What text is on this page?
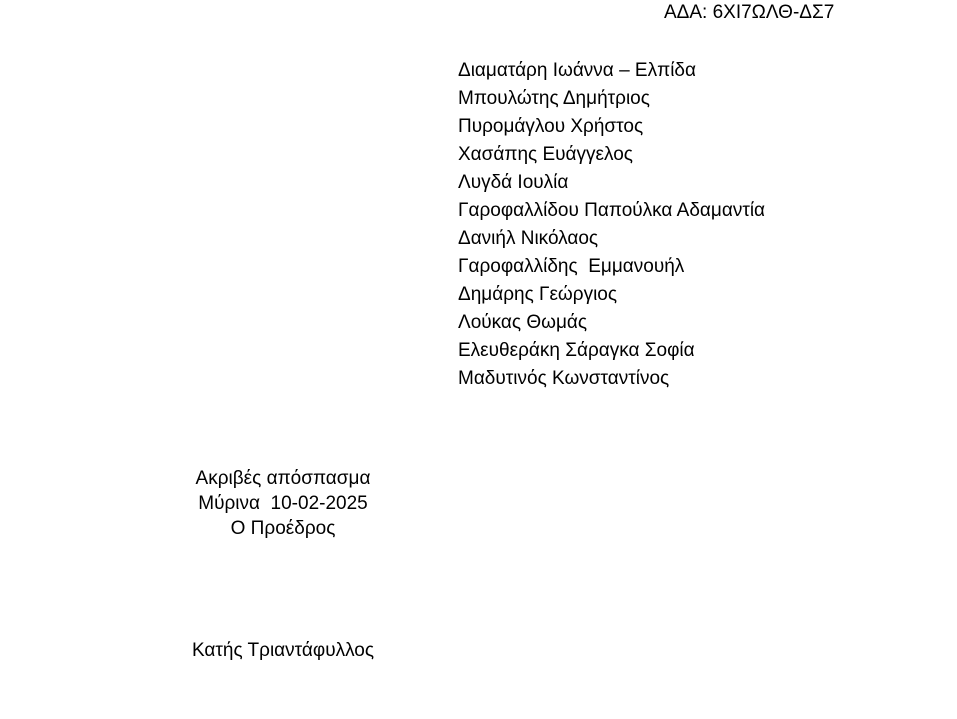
ΑΔΑ: 6ΧΙ7ΩΛΘ-ΔΣ7
Διαματάρη Ιωάννα – Ελπίδα
Μπουλώτης Δημήτριος
Πυρομάγλου Χρήστος
Χασάπης Ευάγγελος
Λυγδά Ιουλία
Γαροφαλλίδου Παπούλκα Αδαμαντία
Δανιήλ Νικόλαος
Γαροφαλλίδης  Εμμανουήλ
Δημάρης Γεώργιος
Λούκας Θωμάς
Ελευθεράκη Σάραγκα Σοφία
Μαδυτινός Κωνσταντίνος
Ακριβές απόσπασμα
Μύρινα  10-02-2025
Ο Προέδρος
Κατής Τριαντάφυλλος
